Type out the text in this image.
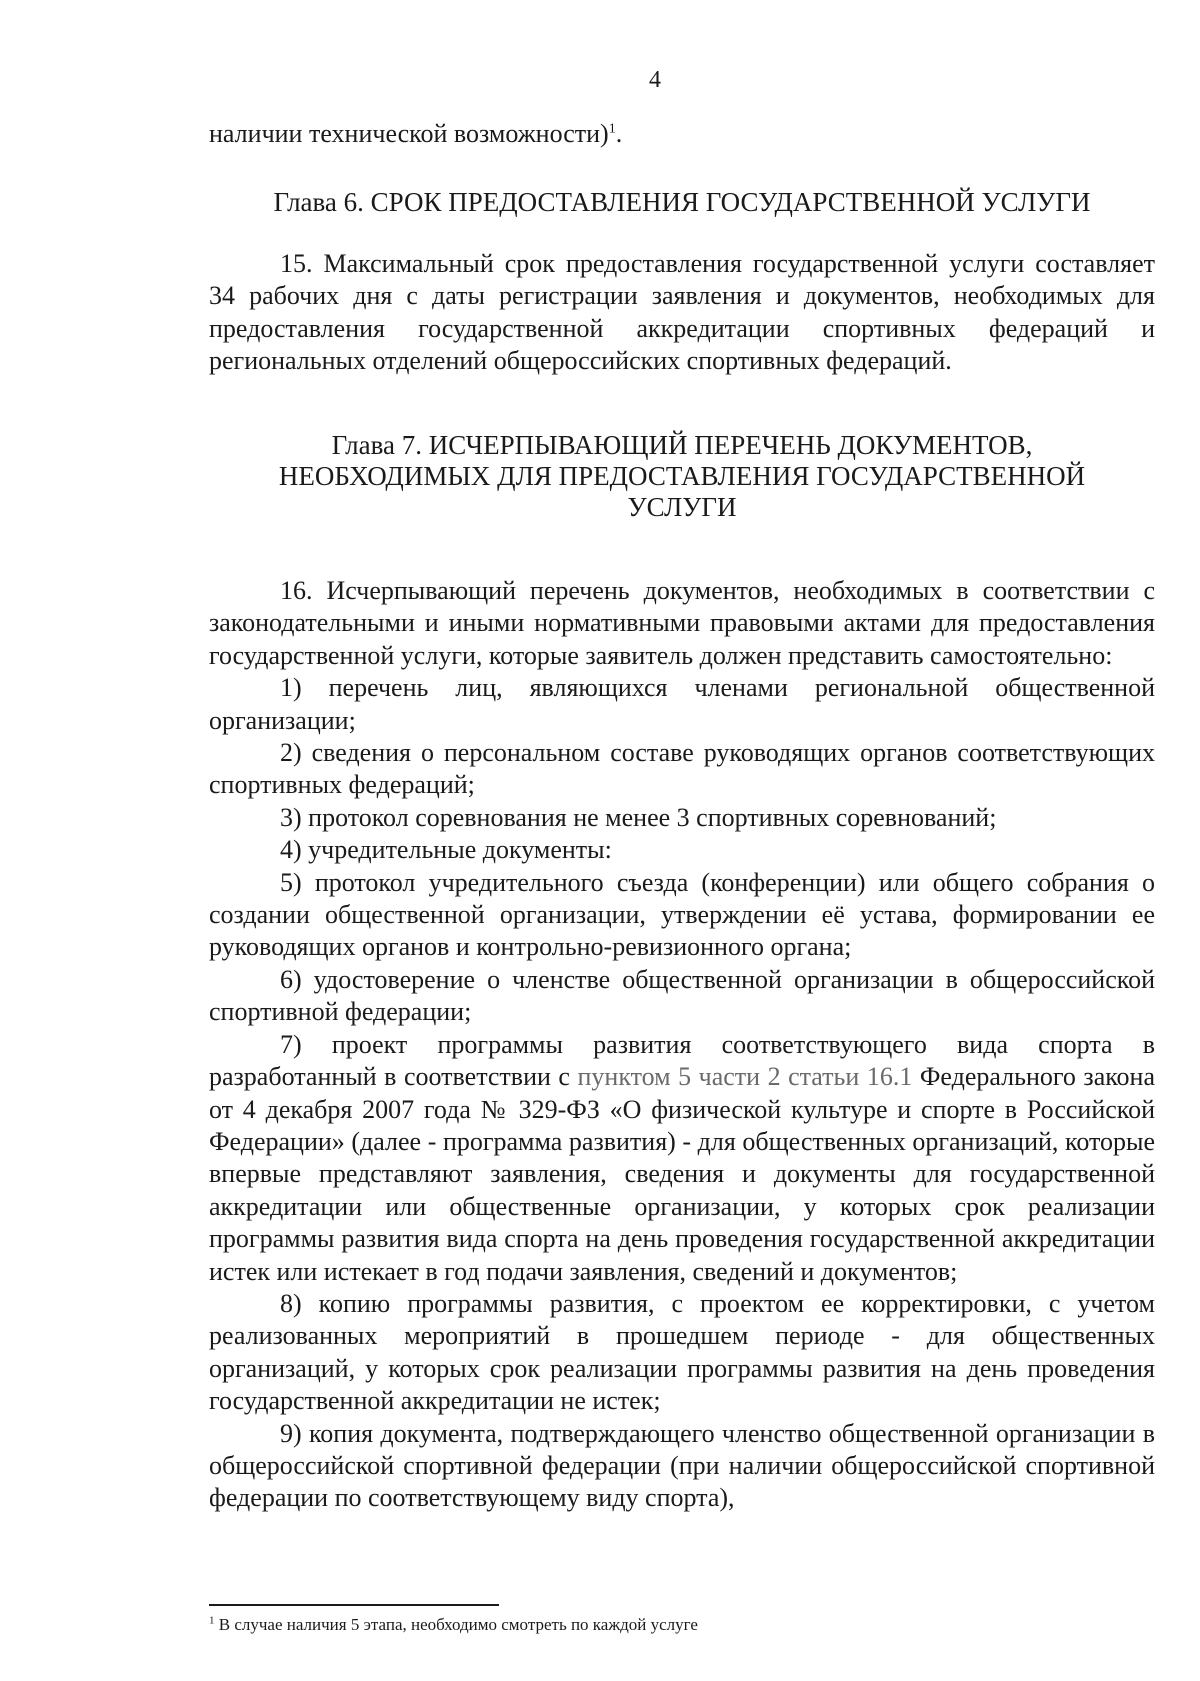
4

наличии технической возможности)$^1$.

Глава 6. СРОК ПРЕДОСТАВЛЕНИЯ ГОСУДАРСТВЕННОЙ УСЛУГИ

15. Максимальный срок предоставления государственной услуги составляет 34 рабочих дня с даты регистрации заявления и документов, необходимых для предоставления государственной аккредитации спортивных федераций и региональных отделений общероссийских спортивных федераций.

Глава 7. ИСЧЕРПЫВАЮЩИЙ ПЕРЕЧЕНЬ ДОКУМЕНТОВ,

НЕОБХОДИМЫХ ДЛЯ ПРЕДОСТАВЛЕНИЯ ГОСУДАРСТВЕННОЙ

УСЛУГИ

16. Исчерпывающий перечень документов, необходимых в соответствии с законодательными и иными нормативными правовыми актами для предоставления государственной услуги, которые заявитель должен представить самостоятельно:

1) перечень лиц, являющихся членами региональной общественной организации;

2) сведения о персональном составе руководящих органов соответствующих спортивных федераций;

3) протокол соревнования не менее 3 спортивных соревнований;

4) учредительные документы:

5) протокол учредительного съезда (конференции) или общего собрания о создании общественной организации, утверждении её устава, формировании ее руководящих органов и контрольно-ревизионного органа;

6) удостоверение о членстве общественной организации в общероссийской спортивной федерации;

7) проект программы развития соответствующего вида спорта в разработанный в соответствии с пунктом 5 части 2 статьи 16.1 Федерального закона от 4 декабря 2007 года № 329-ФЗ «О физической культуре и спорте в Российской Федерации» (далее - программа развития) - для общественных организаций, которые впервые представляют заявления, сведения и документы для государственной аккредитации или общественные организации, у которых срок реализации программы развития вида спорта на день проведения государственной аккредитации истек или истекает в год подачи заявления, сведений и документов;

8) копию программы развития, с проектом ее корректировки, с учетом реализованных мероприятий в прошедшем периоде - для общественных организаций, у которых срок реализации программы развития на день проведения государственной аккредитации не истек;

9) копия документа, подтверждающего членство общественной организации в общероссийской спортивной федерации (при наличии общероссийской спортивной федерации по соответствующему виду спорта),

$^1$ В случае наличия 5 этапа, необходимо смотреть по каждой услуге
